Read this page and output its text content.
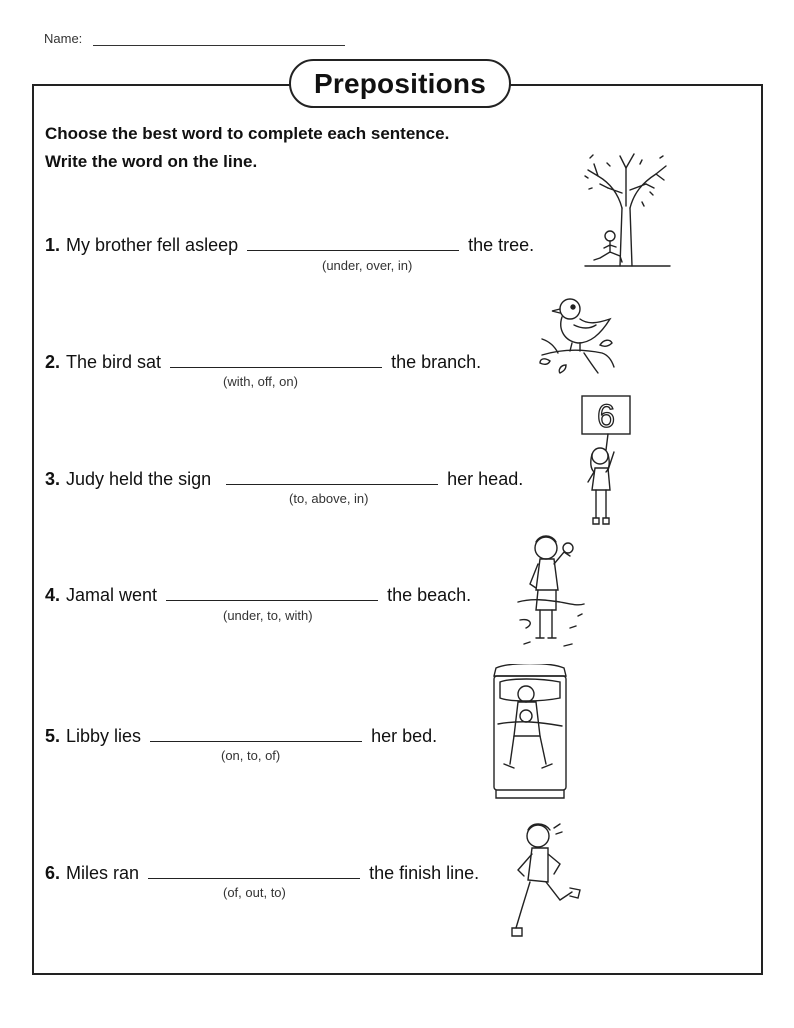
Name:
Prepositions
Choose the best word to complete each sentence.
Write the word on the line.
1. My brother fell asleep	the tree.
(under, over, in)
2. The bird sat	the branch.
(with, off, on)
3. Judy held the sign	her head.
(to, above, in)
4. Jamal went	the beach.
(under, to, with)
5. Libby lies	her bed.
(on, to, of)
6. Miles ran	the finish line.
(of, out, to)
6
